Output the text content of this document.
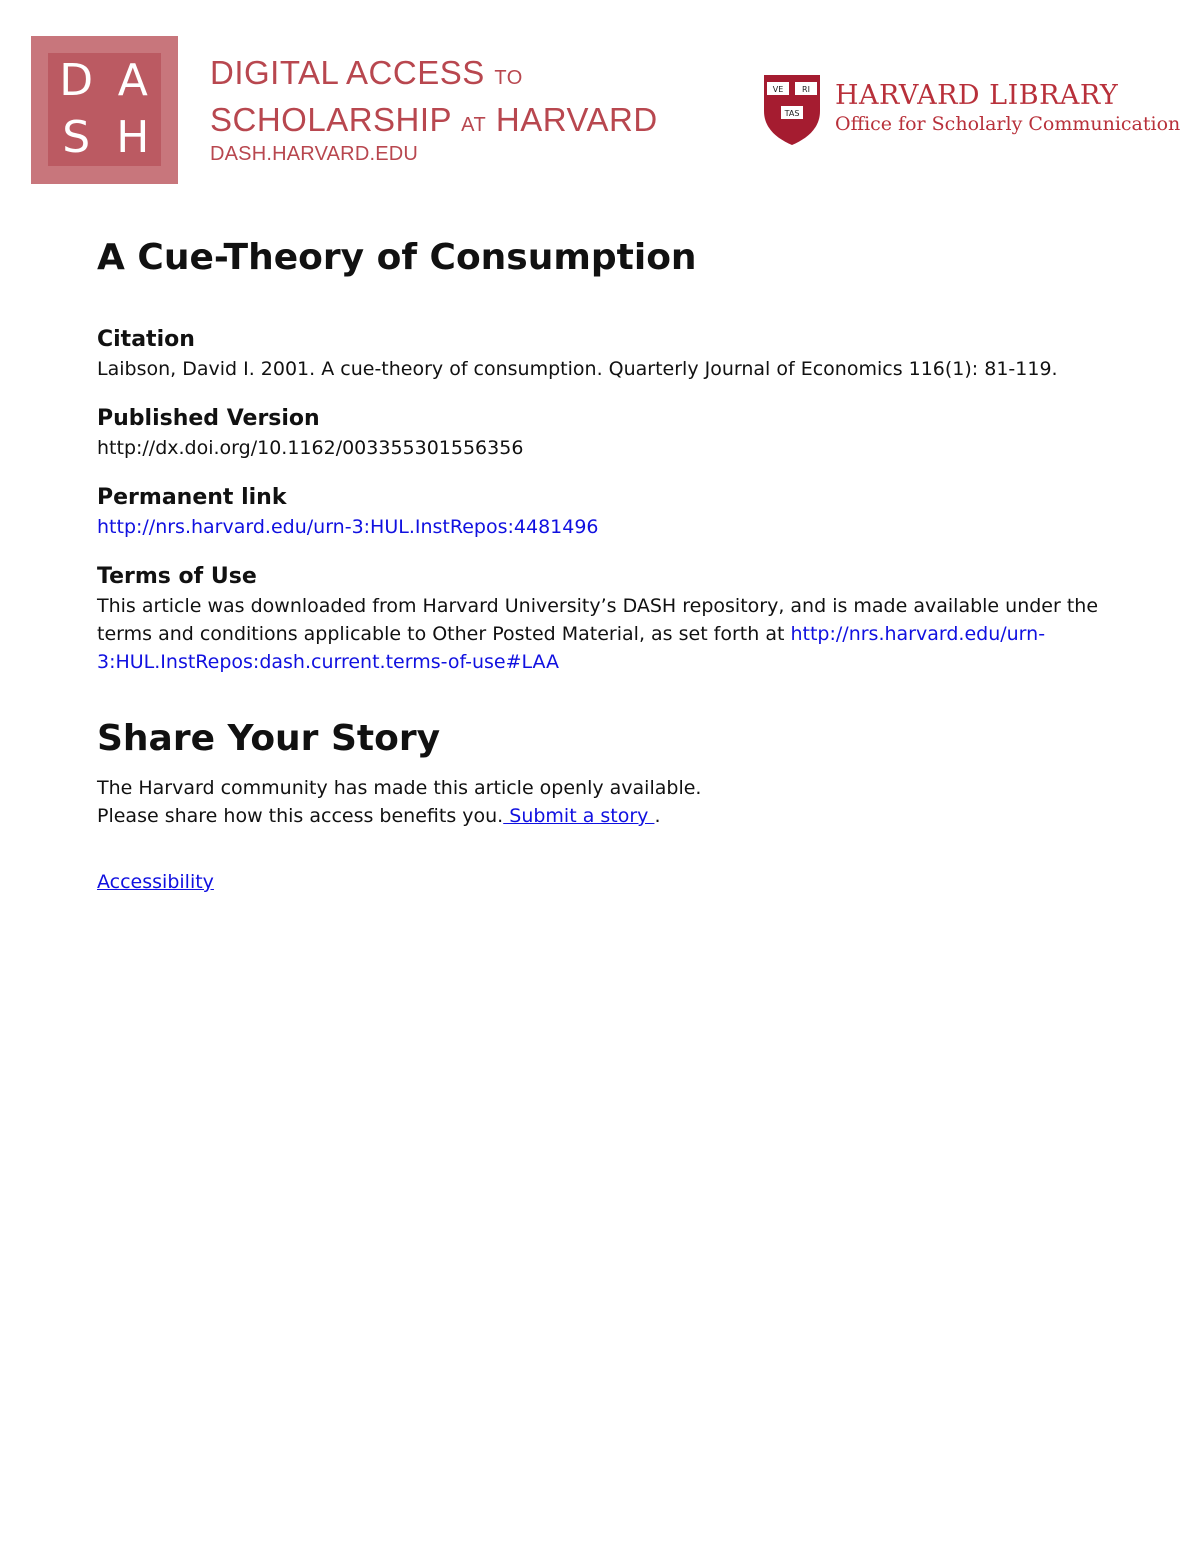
D A
S H
DIGITAL ACCESS TO
SCHOLARSHIP AT HARVARD
DASH.HARVARD.EDU
VE RI
TAS
HARVARD LIBRARY
Office for Scholarly Communication
A Cue-Theory of Consumption
Citation
Laibson, David I. 2001. A cue-theory of consumption. Quarterly Journal of Economics 116(1): 81-119.
Published Version
http://dx.doi.org/10.1162/003355301556356
Permanent link
http://nrs.harvard.edu/urn-3:HUL.InstRepos:4481496
Terms of Use
This article was downloaded from Harvard University’s DASH repository, and is made available under the terms and conditions applicable to Other Posted Material, as set forth at http://nrs.harvard.edu/urn-3:HUL.InstRepos:dash.current.terms-of-use#LAA
Share Your Story
The Harvard community has made this article openly available.
Please share how this access benefits you. Submit a story .
Accessibility
